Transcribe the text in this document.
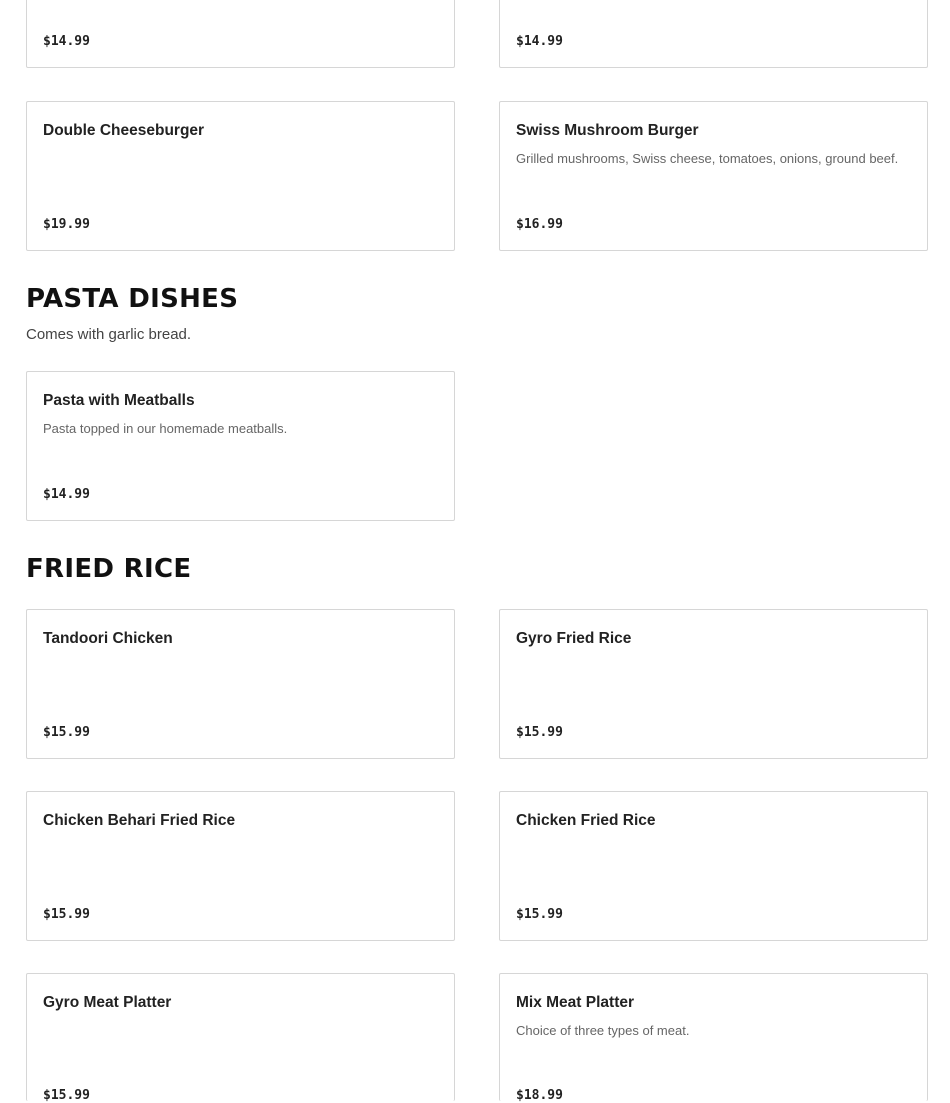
$14.99	$14.99
Double Cheeseburger
$19.99
Swiss Mushroom Burger
Grilled mushrooms, Swiss cheese, tomatoes, onions, ground beef.
$16.99
PASTA DISHES

Comes with garlic bread.

Pasta with Meatballs
Pasta topped in our homemade meatballs.
$14.99
FRIED RICE
Tandoori Chicken
$15.99
Gyro Fried Rice
$15.99
Chicken Behari Fried Rice
$15.99
Chicken Fried Rice
$15.99
Gyro Meat Platter
$15.99
Mix Meat Platter
Choice of three types of meat.
$18.99
